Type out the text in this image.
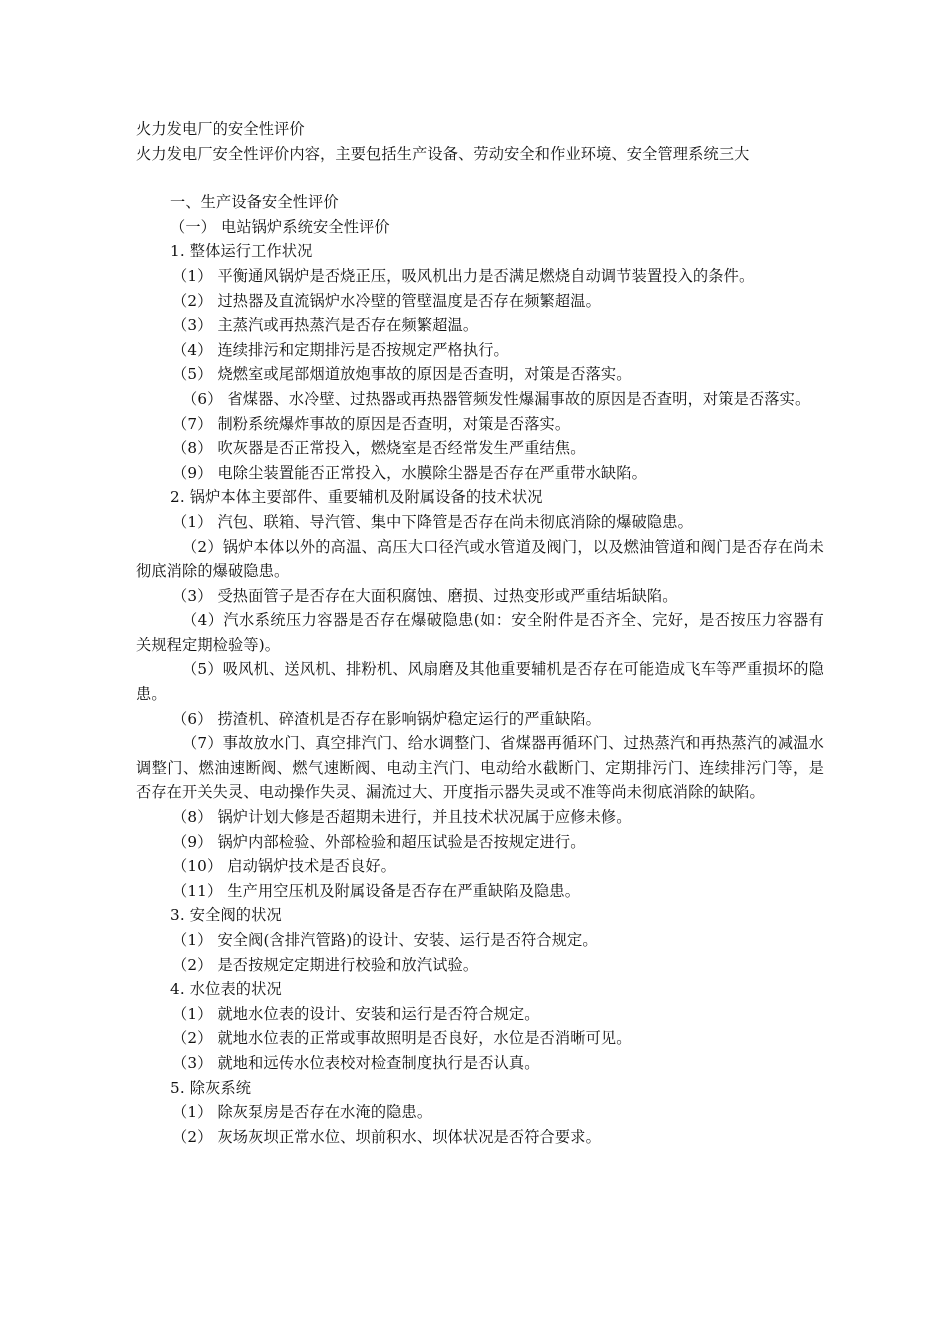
火力发电厂的安全性评价
火力发电厂安全性评价内容，主要包括生产设备、劳动安全和作业环境、安全管理系统三大
一、生产设备安全性评价
（一） 电站锅炉系统安全性评价
1. 整体运行工作状况
（1） 平衡通风锅炉是否烧正压，吸风机出力是否满足燃烧自动调节装置投入的条件。
（2） 过热器及直流锅炉水冷壁的管壁温度是否存在频繁超温。
（3） 主蒸汽或再热蒸汽是否存在频繁超温。
（4） 连续排污和定期排污是否按规定严格执行。
（5） 烧燃室或尾部烟道放炮事故的原因是否查明，对策是否落实。
（6） 省煤器、水冷壁、过热器或再热器管频发性爆漏事故的原因是否查明，对策是否落实。
（7） 制粉系统爆炸事故的原因是否查明，对策是否落实。
（8） 吹灰器是否正常投入，燃烧室是否经常发生严重结焦。
（9） 电除尘装置能否正常投入，水膜除尘器是否存在严重带水缺陷。
2. 锅炉本体主要部件、重要辅机及附属设备的技术状况
（1） 汽包、联箱、导汽管、集中下降管是否存在尚未彻底消除的爆破隐患。
（2）锅炉本体以外的高温、高压大口径汽或水管道及阀门，以及燃油管道和阀门是否存在尚未彻底消除的爆破隐患。
（3） 受热面管子是否存在大面积腐蚀、磨损、过热变形或严重结垢缺陷。
（4）汽水系统压力容器是否存在爆破隐患(如：安全附件是否齐全、完好，是否按压力容器有关规程定期检验等)。
（5）吸风机、送风机、排粉机、风扇磨及其他重要辅机是否存在可能造成飞车等严重损坏的隐患。
（6） 捞渣机、碎渣机是否存在影响锅炉稳定运行的严重缺陷。
（7）事故放水门、真空排汽门、给水调整门、省煤器再循环门、过热蒸汽和再热蒸汽的减温水调整门、燃油速断阀、燃气速断阀、电动主汽门、电动给水截断门、定期排污门、连续排污门等，是否存在开关失灵、电动操作失灵、漏流过大、开度指示器失灵或不准等尚未彻底消除的缺陷。
（8） 锅炉计划大修是否超期未进行，并且技术状况属于应修未修。
（9） 锅炉内部检验、外部检验和超压试验是否按规定进行。
（10） 启动锅炉技术是否良好。
（11） 生产用空压机及附属设备是否存在严重缺陷及隐患。
3. 安全阀的状况
（1） 安全阀(含排汽管路)的设计、安装、运行是否符合规定。
（2） 是否按规定定期进行校验和放汽试验。
4. 水位表的状况
（1） 就地水位表的设计、安装和运行是否符合规定。
（2） 就地水位表的正常或事故照明是否良好，水位是否消晰可见。
（3） 就地和远传水位表校对检查制度执行是否认真。
5. 除灰系统
（1） 除灰泵房是否存在水淹的隐患。
（2） 灰场灰坝正常水位、坝前积水、坝体状况是否符合要求。
